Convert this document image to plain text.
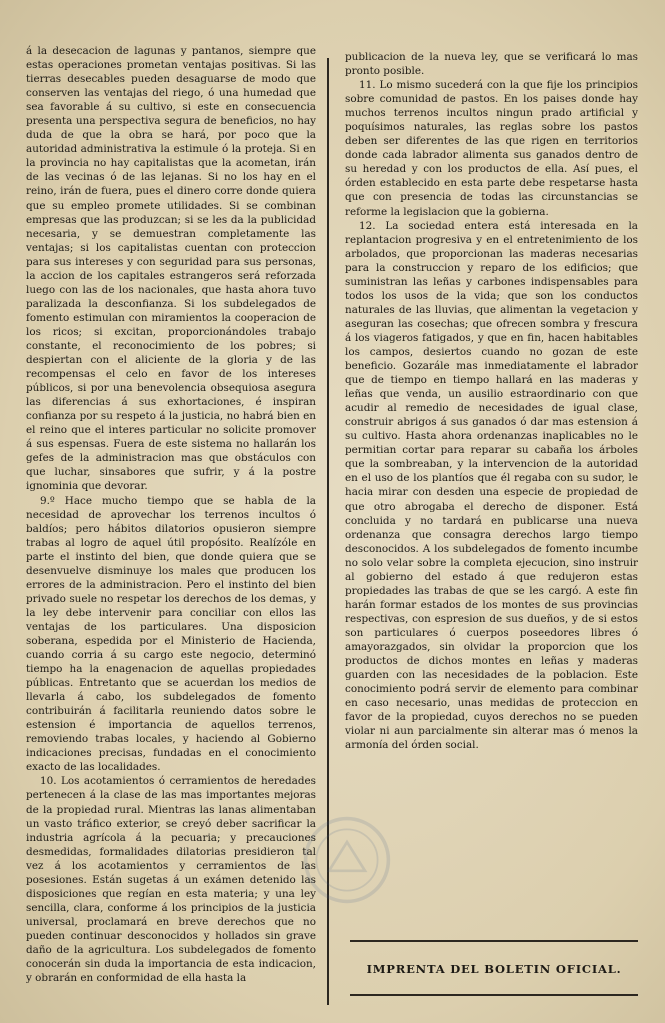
á la desecacion de lagunas y pantanos, siempre que estas operaciones prometan ventajas positivas. Si las tierras desecables pueden desaguarse de modo que conserven las ventajas del riego, ó una humedad que sea favorable á su cultivo, si este en consecuencia presenta una perspectiva segura de beneficios, no hay duda de que la obra se hará, por poco que la autoridad administrativa la estimule ó la proteja. Si en la provincia no hay capitalistas que la acometan, irán de las vecinas ó de las lejanas. Si no los hay en el reino, irán de fuera, pues el dinero corre donde quiera que su empleo promete utilidades. Si se combinan empresas que las produzcan; si se les da la publicidad necesaria, y se demuestran completamente las ventajas; si los capitalistas cuentan con proteccion para sus intereses y con seguridad para sus personas, la accion de los capitales estrangeros será reforzada luego con las de los nacionales, que hasta ahora tuvo paralizada la desconfianza. Si los subdelegados de fomento estimulan con miramientos la cooperacion de los ricos; si excitan, proporcionándoles trabajo constante, el reconocimiento de los pobres; si despiertan con el aliciente de la gloria y de las recompensas el celo en favor de los intereses públicos, si por una benevolencia obsequiosa asegura las diferencias á sus exhortaciones, é inspiran confianza por su respeto á la justicia, no habrá bien en el reino que el interes particular no solicite promover á sus espensas. Fuera de este sistema no hallarán los gefes de la administracion mas que obstáculos con que luchar, sinsabores que sufrir, y á la postre ignominia que devorar.

9.º Hace mucho tiempo que se habla de la necesidad de aprovechar los terrenos incultos ó baldíos; pero hábitos dilatorios opusieron siempre trabas al logro de aquel útil propósito. Realízóle en parte el instinto del bien, que donde quiera que se desenvuelve disminuye los males que producen los errores de la administracion. Pero el instinto del bien privado suele no respetar los derechos de los demas, y la ley debe intervenir para conciliar con ellos las ventajas de los particulares. Una disposicion soberana, espedida por el Ministerio de Hacienda, cuando corria á su cargo este negocio, determinó tiempo ha la enagenacion de aquellas propiedades públicas. Entretanto que se acuerdan los medios de llevarla á cabo, los subdelegados de fomento contribuirán á facilitarla reuniendo datos sobre le estension é importancia de aquellos terrenos, removiendo trabas locales, y haciendo al Gobierno indicaciones precisas, fundadas en el conocimiento exacto de las localidades.

10. Los acotamientos ó cerramientos de heredades pertenecen á la clase de las mas importantes mejoras de la propiedad rural. Mientras las lanas alimentaban un vasto tráfico exterior, se creyó deber sacrificar la industria agrícola á la pecuaria; y precauciones desmedidas, formalidades dilatorias presidieron tal vez á los acotamientos y cerramientos de las posesiones. Están sugetas á un exámen detenido las disposiciones que regían en esta materia; y una ley sencilla, clara, conforme á los principios de la justicia universal, proclamará en breve derechos que no pueden continuar desconocidos y hollados sin grave daño de la agricultura. Los subdelegados de fomento conocerán sin duda la importancia de esta indicacion, y obrarán en conformidad de ella hasta la

publicacion de la nueva ley, que se verificará lo mas pronto posible.

11. Lo mismo sucederá con la que fije los principios sobre comunidad de pastos. En los paises donde hay muchos terrenos incultos ningun prado artificial y poquísimos naturales, las reglas sobre los pastos deben ser diferentes de las que rigen en territorios donde cada labrador alimenta sus ganados dentro de su heredad y con los productos de ella. Así pues, el órden establecido en esta parte debe respetarse hasta que con presencia de todas las circunstancias se reforme la legislacion que la gobierna.

12. La sociedad entera está interesada en la replantacion progresiva y en el entretenimiento de los arbolados, que proporcionan las maderas necesarias para la construccion y reparo de los edificios; que suministran las leñas y carbones indispensables para todos los usos de la vida; que son los conductos naturales de las lluvias, que alimentan la vegetacion y aseguran las cosechas; que ofrecen sombra y frescura á los viageros fatigados, y que en fin, hacen habitables los campos, desiertos cuando no gozan de este beneficio. Gozarále mas inmediatamente el labrador que de tiempo en tiempo hallará en las maderas y leñas que venda, un ausilio estraordinario con que acudir al remedio de necesidades de igual clase, construir abrigos á sus ganados ó dar mas estension á su cultivo. Hasta ahora ordenanzas inaplicables no le permitian cortar para reparar su cabaña los árboles que la sombreaban, y la intervencion de la autoridad en el uso de los plantíos que él regaba con su sudor, le hacia mirar con desden una especie de propiedad de que otro abrogaba el derecho de disponer. Está concluida y no tardará en publicarse una nueva ordenanza que consagra derechos largo tiempo desconocidos. A los subdelegados de fomento incumbe no solo velar sobre la completa ejecucion, sino instruir al gobierno del estado á que redujeron estas propiedades las trabas de que se les cargó. A este fin harán formar estados de los montes de sus provincias respectivas, con espresion de sus dueños, y de si estos son particulares ó cuerpos poseedores libres ó amayorazgados, sin olvidar la proporcion que los productos de dichos montes en leñas y maderas guarden con las necesidades de la poblacion. Este conocimiento podrá servir de elemento para combinar en caso necesario, unas medidas de proteccion en favor de la propiedad, cuyos derechos no se pueden violar ni aun parcialmente sin alterar mas ó menos la armonía del órden social.

IMPRENTA DEL BOLETIN OFICIAL.
